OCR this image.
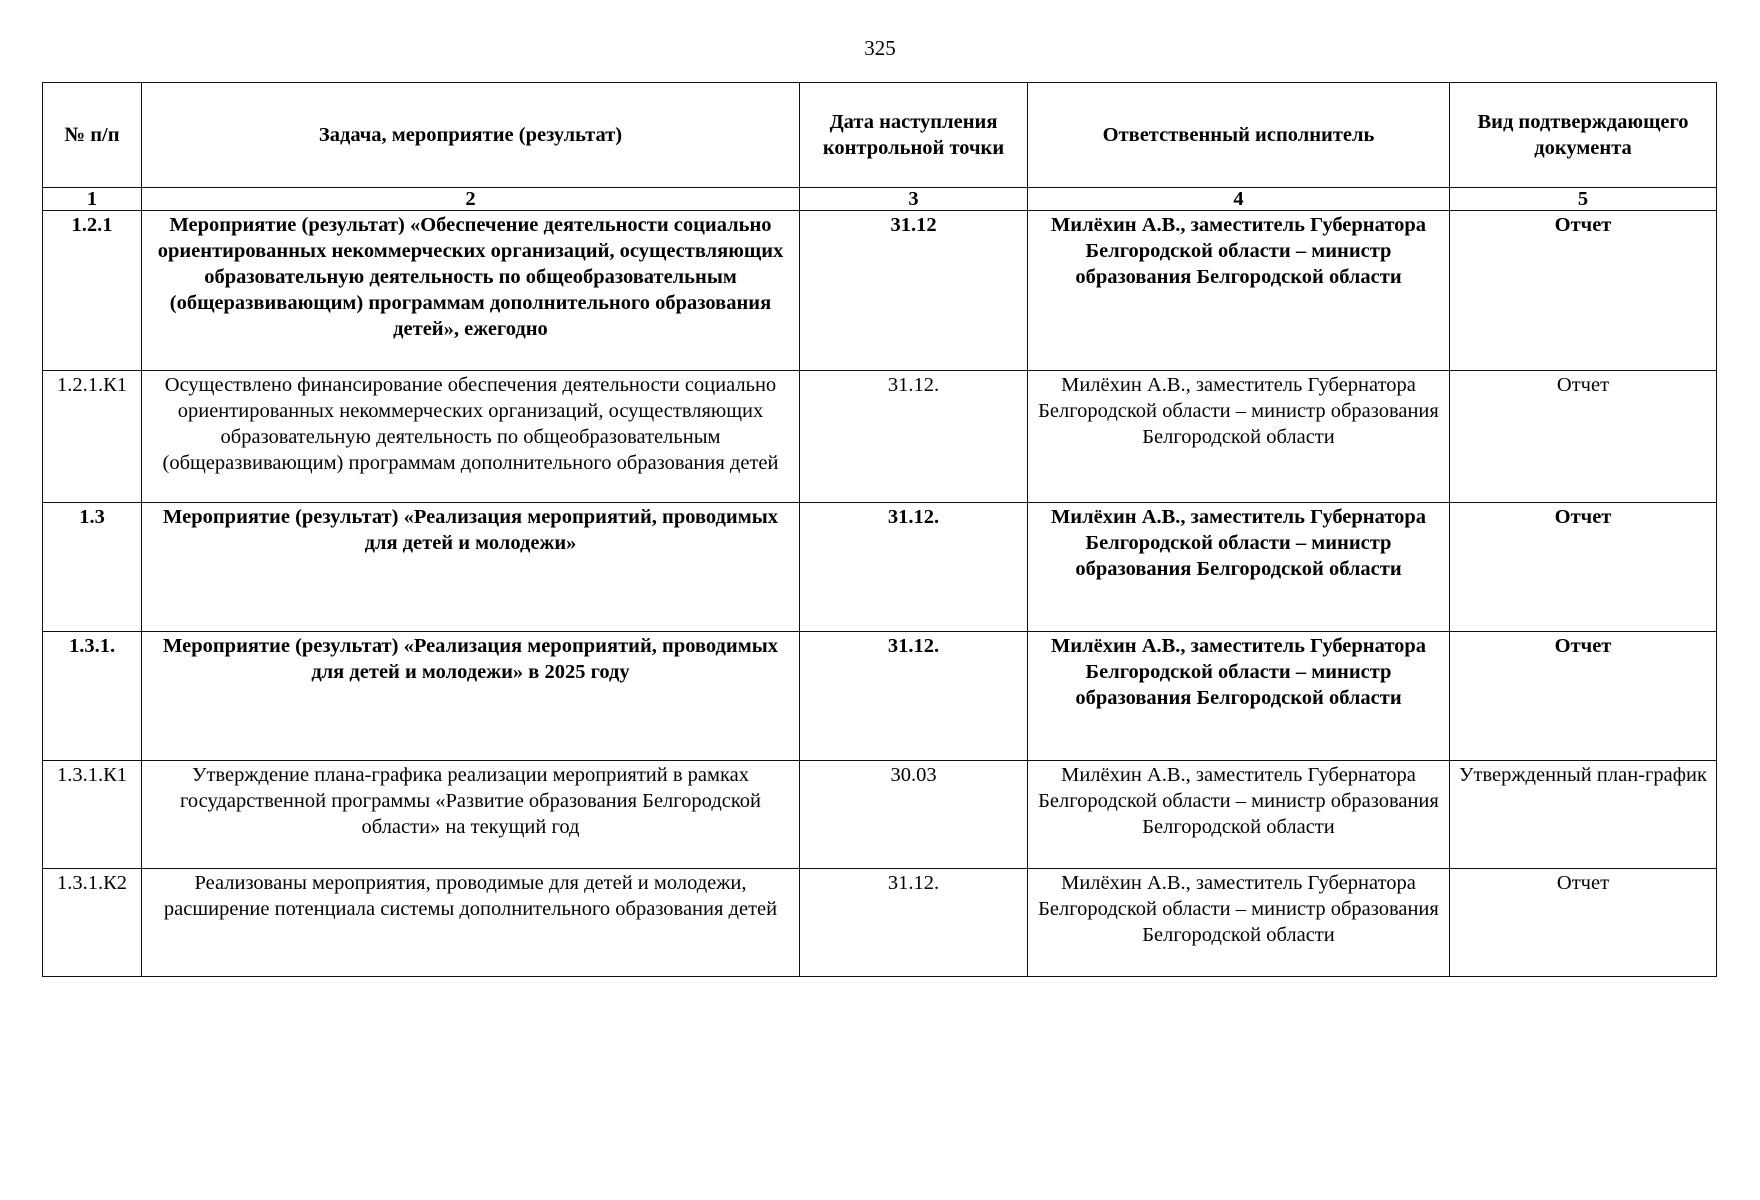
325
№ п/п	Задача, мероприятие (результат)	Дата наступления контрольной точки	Ответственный исполнитель	Вид подтверждающего документа
1	2	3	4	5
1.2.1	Мероприятие (результат) «Обеспечение деятельности социально ориентированных некоммерческих организаций, осуществляющих образовательную деятельность по общеобразовательным (общеразвивающим) программам дополнительного образования детей», ежегодно	31.12	Милёхин А.В., заместитель Губернатора Белгородской области – министр образования Белгородской области	Отчет
1.2.1.К1	Осуществлено финансирование обеспечения деятельности социально ориентированных некоммерческих организаций, осуществляющих образовательную деятельность по общеобразовательным (общеразвивающим) программам дополнительного образования детей	31.12.	Милёхин А.В., заместитель Губернатора Белгородской области – министр образования Белгородской области	Отчет
1.3	Мероприятие (результат) «Реализация мероприятий, проводимых для детей и молодежи»	31.12.	Милёхин А.В., заместитель Губернатора Белгородской области – министр образования Белгородской области	Отчет
1.3.1.	Мероприятие (результат) «Реализация мероприятий, проводимых для детей и молодежи» в 2025 году	31.12.	Милёхин А.В., заместитель Губернатора Белгородской области – министр образования Белгородской области	Отчет
1.3.1.К1	Утверждение плана-графика реализации мероприятий в рамках государственной программы «Развитие образования Белгородской области» на текущий год	30.03	Милёхин А.В., заместитель Губернатора Белгородской области – министр образования Белгородской области	Утвержденный план-график
1.3.1.К2	Реализованы мероприятия, проводимые для детей и молодежи, расширение потенциала системы дополнительного образования детей	31.12.	Милёхин А.В., заместитель Губернатора Белгородской области – министр образования Белгородской области	Отчет
